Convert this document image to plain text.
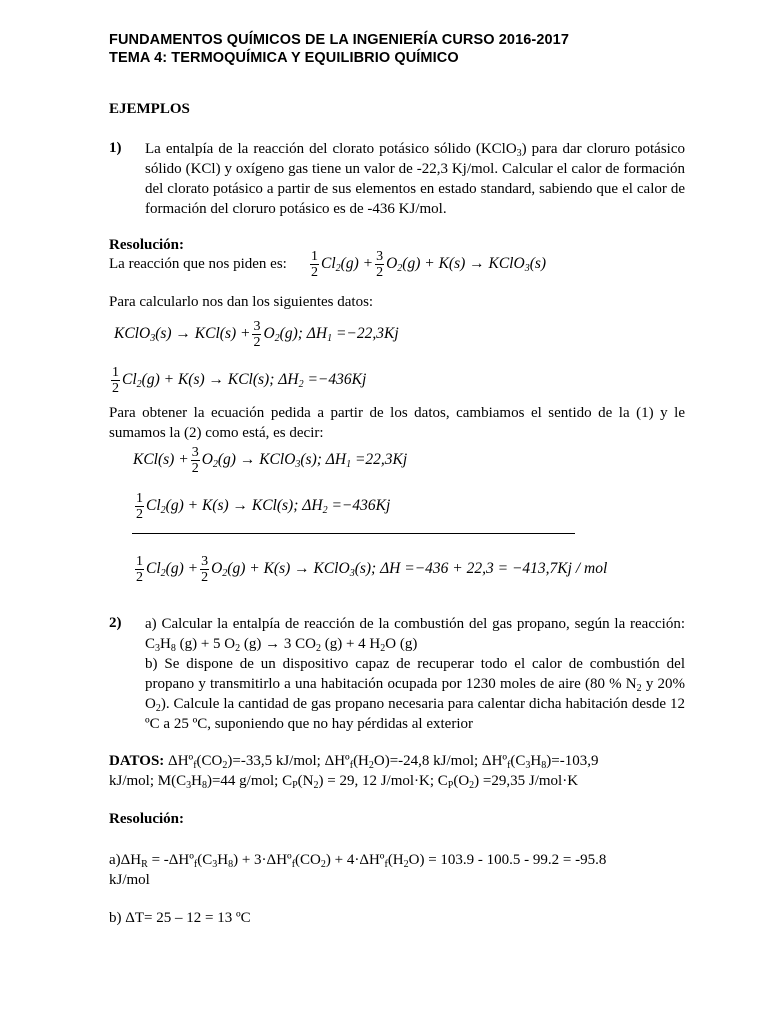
FUNDAMENTOS QUÍMICOS DE LA INGENIERÍA CURSO 2016-2017
TEMA 4: TERMOQUÍMICA Y EQUILIBRIO QUÍMICO
EJEMPLOS
1) La entalpía de la reacción del clorato potásico sólido (KClO$_3$) para dar cloruro potásico sólido (KCl) y oxígeno gas tiene un valor de -22,3 Kj/mol. Calcular el calor de formación del clorato potásico a partir de sus elementos en estado standard, sabiendo que el calor de formación del cloruro potásico es de -436 KJ/mol.
Resolución:
La reacción que nos piden es: $\frac{1}{2} Cl_2(g) + \frac{3}{2} O_2(g) + K(s)$ → KClO$_3$(s)
Para calcularlo nos dan los siguientes datos:
KClO$_3$(s) → $KCl(s) + \frac{3}{2} O_2(g)$; $\Delta H_1 = -22,3Kj$
$\frac{1}{2} Cl_2(g) + K(s) \to KCl(s)$; $\Delta H_2 = -436Kj$
Para obtener la ecuación pedida a partir de los datos, cambiamos el sentido de la (1) y le sumamos la (2) como está, es decir:
$KCl(s) + \frac{3}{2} O_2(g)$ → KClO$_3$(s); $\Delta H_1 = 22,3Kj$
$\frac{1}{2} Cl_2(g) + K(s) \to KCl(s)$; $\Delta H_2 = -436Kj$
$\frac{1}{2} Cl_2(g) + \frac{3}{2} O_2(g) + K(s)$ → KClO$_3$(s); ΔH = −436 + 22,3 = −413,7Kj / mol
2) a) Calcular la entalpía de reacción de la combustión del gas propano, según la reacción: $C_3H_8$ (g) + 5 $O_2$ (g) → 3 $CO_2$ (g) + 4 $H_2O$ (g)
b) Se dispone de un dispositivo capaz de recuperar todo el calor de combustión del propano y transmitirlo a una habitación ocupada por 1230 moles de aire (80 % $N_2$ y 20% $O_2$). Calcule la cantidad de gas propano necesaria para calentar dicha habitación desde 12 ºC a 25 ºC, suponiendo que no hay pérdidas al exterior
DATOS: $\Delta Hº_f(CO_2)=-33,5$ kJ/mol; $\Delta Hº_f(H_2O)=-24,8$ kJ/mol; $\Delta Hº_f(C_3H_8)=-103,9$
kJ/mol; $M(C_3H_8)=44$ g/mol; $C_P(N_2) = 29$, 12 J/mol·K; $C_P(O_2) =29,35$ J/mol·K
Resolución:
$a)\Delta H_R$ = $-\Delta Hº_f(C_3H_8)$ + $3\cdot\Delta Hº_f(CO_2)$ + $4\cdot\Delta Hº_f(H_2O) = 103.9 - 100.5 - 99.2 = -95.8$
kJ/mol
b) ΔT= 25 – 12 = 13 ºC
